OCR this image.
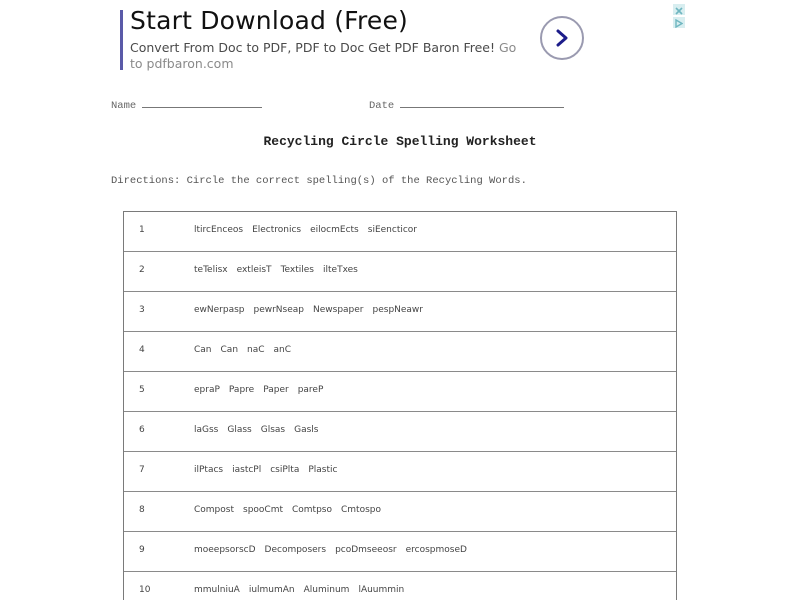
Start Download (Free)
Convert From Doc to PDF, PDF to Doc Get PDF Baron Free! Go to pdfbaron.com
Name	Date
Recycling Circle Spelling Worksheet
Directions: Circle the correct spelling(s) of the Recycling Words.
1	ltircEnceos Electronics eilocmEcts siEencticor
2	teTelisx extleisT Textiles ilteTxes
3	ewNerpasp pewrNseap Newspaper pespNeawr
4	Can Can naC anC
5	epraP Papre Paper pareP
6	laGss Glass Glsas Gasls
7	ilPtacs iastcPl csiPlta Plastic
8	Compost spooCmt Comtpso Cmtospo
9	moeepsorscD Decomposers pcoDmseeosr ercospmoseD
10	mmulniuA iulmumAn Aluminum lAuummin
